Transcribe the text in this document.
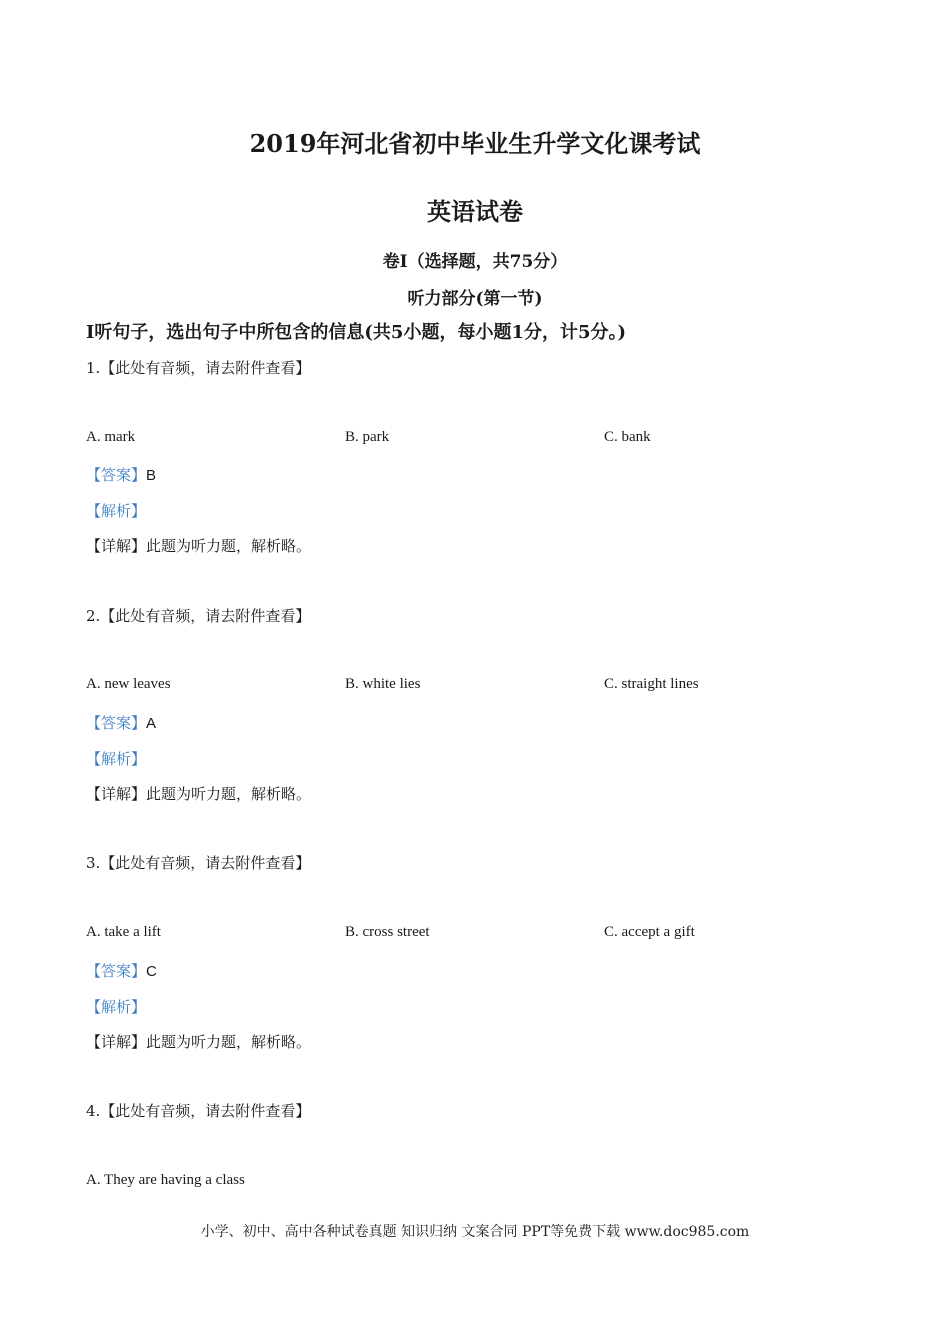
2019年河北省初中毕业生升学文化课考试
英语试卷
卷Ⅰ（选择题，共75分）
听力部分(第一节)
Ⅰ听句子，选出句子中所包含的信息(共5小题，每小题1分，计5分。)
1.【此处有音频，请去附件查看】
A. mark	B. park	C. bank
【答案】B
【解析】
【详解】此题为听力题，解析略。
2.【此处有音频，请去附件查看】
A. new leaves	B. white lies	C. straight lines
【答案】A
【解析】
【详解】此题为听力题，解析略。
3.【此处有音频，请去附件查看】
A. take a lift	B. cross street	C. accept a gift
【答案】C
【解析】
【详解】此题为听力题，解析略。
4.【此处有音频，请去附件查看】
A. They are having a class
小学、初中、高中各种试卷真题 知识归纳 文案合同 PPT等免费下载 www.doc985.com
